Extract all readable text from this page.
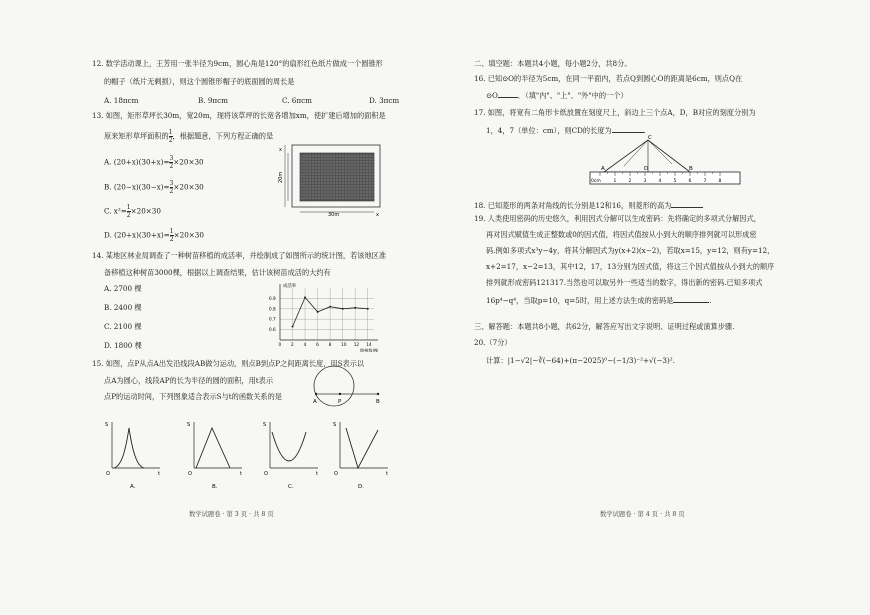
12. 数学活动课上，王芳用一张半径为9cm，圆心角是120°的扇形红色纸片做成一个圆锥形
的帽子（纸片无剩损），则这个圆锥形帽子的底面圆的周长是
A. 18πcm	B. 9πcm	C. 6πcm	D. 3πcm
13. 如图，矩形草坪长30m，宽20m，现将该草坪的长宽各增加xm，使扩建后增加的面积是
原来矩形草坪面积的 $\frac{1}{2}$ ，根据题意，下列方程正确的是
A. $(20+x)(30+x)= \frac{3}{2} \times 20\times 30$
B. $(20-x)(30-x)= \frac{3}{2} \times 20\times 30$
C. $x^2= \frac{1}{2} \times 20\times 30$
D. $(20+x)(30+x)= \frac{1}{2} \times 20\times 30$
x
20m
30m	x
14. 某地区林业局调查了一种树苗移植的成活率，并绘制成了如图所示的统计图，若该地区准
备移植这种树苗3000棵，根据以上调查结果，估计该树苗成活的大约有
A. 2700 棵
B. 2400 棵
C. 2100 棵
D. 1800 棵	0 2 4 6 8 10 12 14
0.6
0.7
0.8
0.9
成活率
移植数/棵
15. 如图，点P从点A出发沿线段AB做匀运动，则点B到点P之间距离长度，用S表示以
点A为圆心，线段AP的长为半径的圆的面积，用t表示
点P的运动时间，下列图象适合表示S与t的函数关系的是
A	P	B
S
t
O
A.
S
t
O
B.
S
t
O
C.
S
t
O
D.
数学试题卷 · 第 3 页 · 共 8 页
二、填空题：本题共4小题，每小题2分，共8分。
16. 已知⊙O的半径为5cm，在同一平面内，若点Q到圆心O的距离是6cm，则点Q在
⊙O	．（填"内"、"上"、"外"中的一个）
17. 如图，将宽有二角形卡纸放置在刻度尺上，斜边上三个点A，D，B对应的刻度分别为
1，4，7（单位：cm），则CD的长度为	.
0cm	1	2	3	4	5	6	7	8
C
A	D	B
18. 已知菱形的两条对角线的长分别是12和16，则菱形的高为
19. 人类使用密码的历史悠久，利用因式分解可以生成密码：先将确定的多项式分解因式，
再对因式赋值生成正整数或0的因式值，将因式值按从小到大的顺序排列就可以形成密
码.例如多项式x³y−4y，将其分解因式为y(x+2)(x−2)，若取x=15，y=12，则有y=12，
x+2=17，x−2=13，其中12，17，13分别为因式值，将这三个因式值按从小到大的顺序
排列就形成密码121317.当然也可以取另外一些适当的数字，得出新的密码.已知多项式
16p⁴−q⁴，当取p=10，q=5时，用上述方法生成的密码是	.
三、解答题：本题共8小题，共62分，解答应写出文字说明、证明过程或演算步骤.
20.（7分）
计算：|1−√2|−∛(−64)+(π−2025)⁰−(−1/3)⁻²+√(−3)².
数学试题卷 · 第 4 页 · 共 8 页
